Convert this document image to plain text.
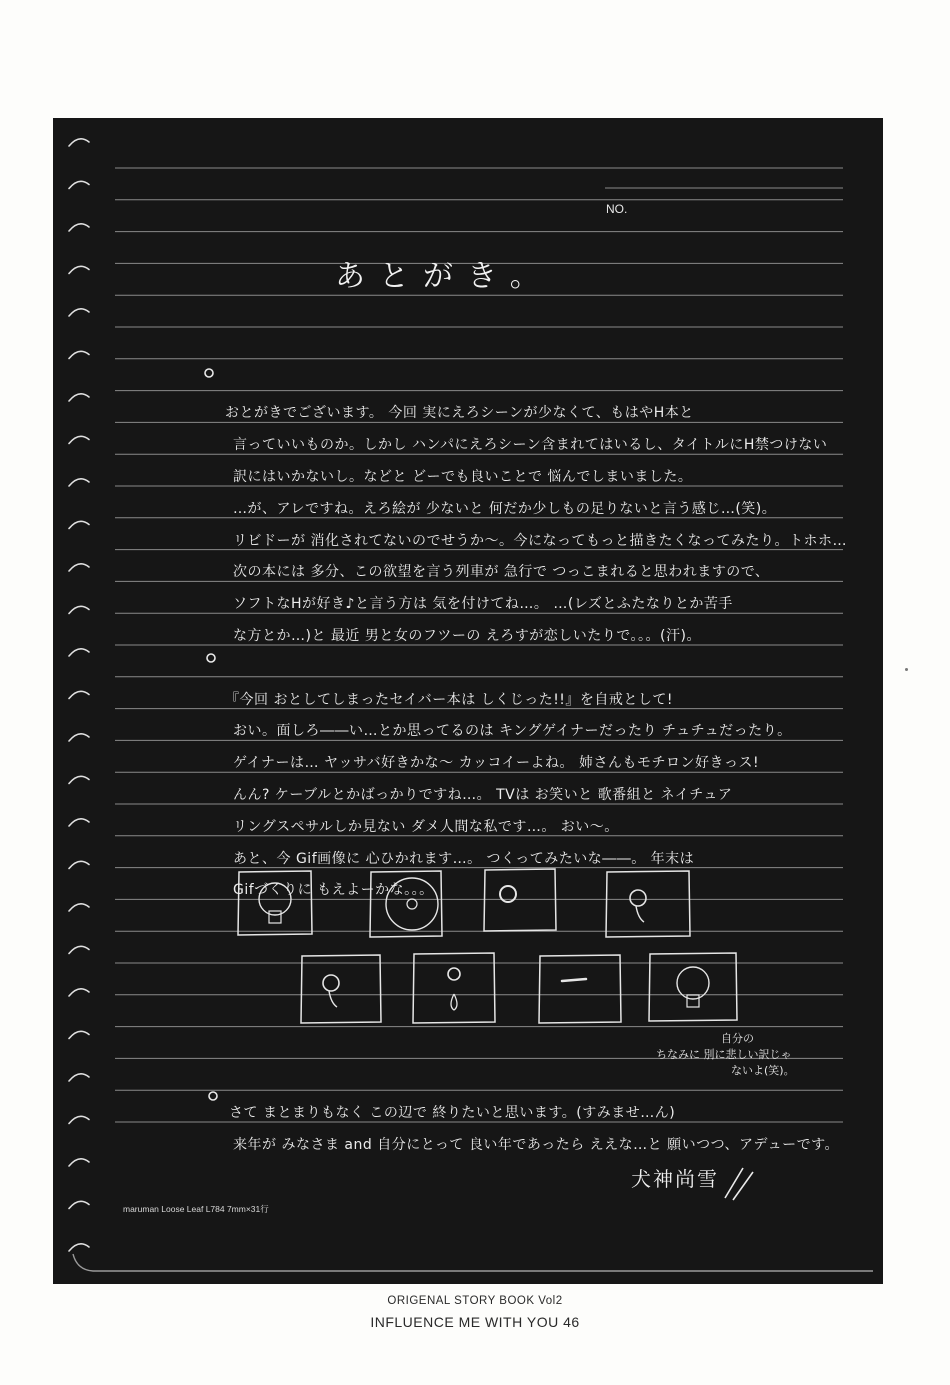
NO.
あとがき。
おとがきでございます。 今回 実にえろシーンが少なくて、もはやH本と
言っていいものか。しかし ハンパにえろシーン含まれてはいるし、タイトルにH禁つけない
訳にはいかないし。などと どーでも良いことで 悩んでしまいました。
…が、アレですね。えろ絵が 少ないと 何だか少しもの足りないと言う感じ…(笑)。
リビドーが 消化されてないのでせうか〜。今になってもっと描きたくなってみたり。トホホ…
次の本には 多分、この欲望を言う列車が 急行で つっこまれると思われますので、
ソフトなHが好き♪と言う方は 気を付けてね…。 …(レズとふたなりとか苦手
な方とか…)と 最近 男と女のフツーの えろすが恋しいたりで。。。(汗)。
『今回 おとしてしまったセイバー本は しくじった!!』を自戒として!
おい。面しろ――い…とか思ってるのは キングゲイナーだったり チュチュだったり。
ゲイナーは… ヤッサバ好きかな〜 カッコイーよね。 姉さんもモチロン好きっス!
んん? ケーブルとかばっかりですね…。 TVは お笑いと 歌番組と ネイチュア
リングスペサルしか見ない ダメ人間な私です…。 おい〜。
あと、今 Gif画像に 心ひかれます…。 つくってみたいな――。 年末は
Gifづくりに もえよーかな。。。
さて まとまりもなく この辺で 終りたいと思います。(すみませ…ん)
来年が みなさま and 自分にとって 良い年であったら ええな…と 願いつつ、アデューです。
自分の
ちなみに 別に悲しい訳じゃ
ないよ(笑)。
犬神尚雪
maruman Loose Leaf L784 7mm×31行
ORIGENAL STORY BOOK Vol2
INFLUENCE ME WITH YOU 46
